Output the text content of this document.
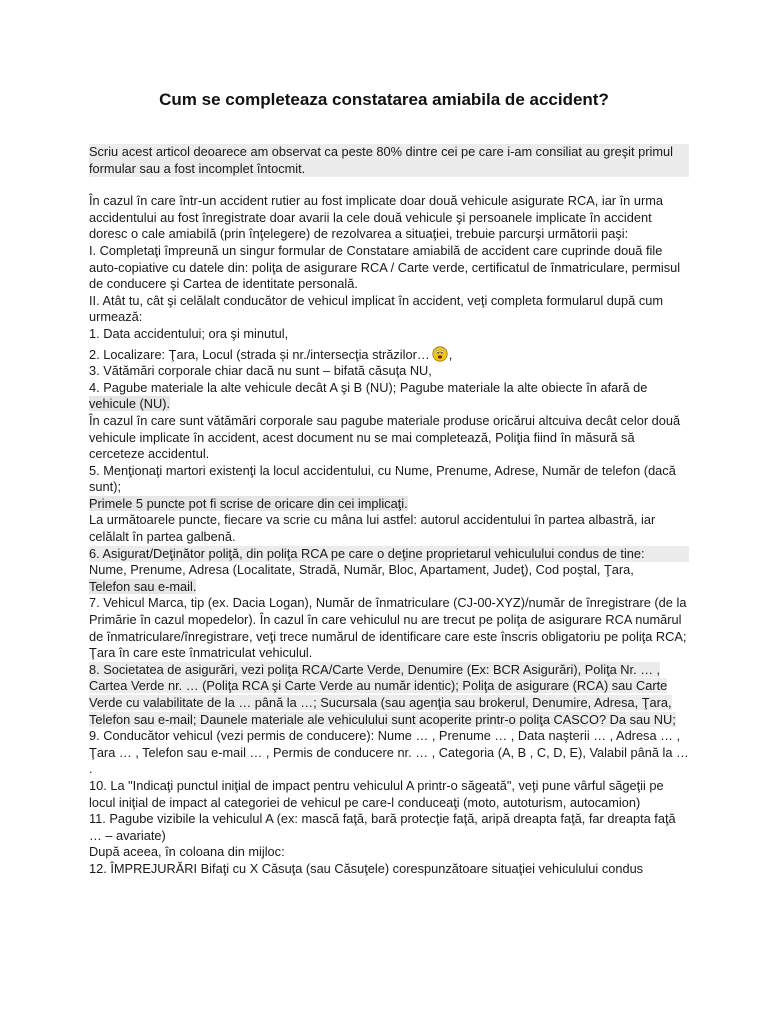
Cum se completeaza constatarea amiabila de accident?

Scriu acest articol deoarece am observat ca peste 80% dintre cei pe care i-am consiliat au greşit primul formular sau a fost incomplet întocmit.

În cazul în care într-un accident rutier au fost implicate doar două vehicule asigurate RCA, iar în urma accidentului au fost înregistrate doar avarii la cele două vehicule şi persoanele implicate în accident doresc o cale amiabilă (prin înţelegere) de rezolvarea a situaţiei, trebuie parcurşi următorii paşi:

I. Completaţi împreună un singur formular de Constatare amiabilă de accident care cuprinde două file auto-copiative cu datele din: poliţa de asigurare RCA / Carte verde, certificatul de înmatriculare, permisul de conducere şi Cartea de identitate personală.

II. Atât tu, cât şi celălalt conducător de vehicul implicat în accident, veţi completa formularul după cum urmează:

1. Data accidentului; ora şi minutul,

2. Localizare: Ţara, Locul (strada și nr./intersecţia străzilor… ,

3. Vătămări corporale chiar dacă nu sunt – bifată căsuţa NU,

4. Pagube materiale la alte vehicule decât A şi B (NU); Pagube materiale la alte obiecte în afară de
vehicule (NU).

În cazul în care sunt vătămări corporale sau pagube materiale produse oricărui altcuiva decât celor două vehicule implicate în accident, acest document nu se mai completează, Poliţia fiind în măsură să cerceteze accidentul.

5. Menţionaţi martori existenţi la locul accidentului, cu Nume, Prenume, Adrese, Număr de telefon (dacă sunt);

Primele 5 puncte pot fi scrise de oricare din cei implicaţi.

La următoarele puncte, fiecare va scrie cu mâna lui astfel: autorul accidentului în partea albastră, iar celălalt în partea galbenă.

6. Asigurat/Deţinător poliţă, din poliţa RCA pe care o deţine proprietarul vehiculului condus de tine:
Nume, Prenume, Adresa (Localitate, Stradă, Număr, Bloc, Apartament, Judeţ), Cod poştal, Ţara,
Telefon sau e-mail.

7. Vehicul Marca, tip (ex. Dacia Logan), Număr de înmatriculare (CJ-00-XYZ)/număr de înregistrare (de la Primărie în cazul mopedelor). În cazul în care vehiculul nu are trecut pe poliţa de asigurare RCA numărul de înmatriculare/înregistrare, veţi trece numărul de identificare care este înscris obligatoriu pe poliţa RCA; Ţara în care este înmatriculat vehiculul.

8. Societatea de asigurări, vezi poliţa RCA/Carte Verde, Denumire (Ex: BCR Asigurări), Poliţa Nr. … , Cartea Verde nr. … (Poliţa RCA şi Carte Verde au număr identic); Poliţa de asigurare (RCA) sau Carte Verde cu valabilitate de la … până la …; Sucursala (sau agenţia sau brokerul, Denumire, Adresa, Ţara, Telefon sau e-mail; Daunele materiale ale vehiculului sunt acoperite printr-o poliţa CASCO? Da sau NU;

9. Conducător vehicul (vezi permis de conducere): Nume … , Prenume … , Data naşterii … , Adresa … , Ţara … , Telefon sau e-mail … , Permis de conducere nr. … , Categoria (A, B , C, D, E), Valabil până la … .

10. La "Indicaţi punctul iniţial de impact pentru vehiculul A printr-o săgeată", veţi pune vârful săgeţii pe locul iniţial de impact al categoriei de vehicul pe care-l conduceaţi (moto, autoturism, autocamion)

11. Pagube vizibile la vehiculul A (ex: mască faţă, bară protecţie faţă, aripă dreapta faţă, far dreapta faţă … – avariate)

După aceea, în coloana din mijloc:

12. ÎMPREJURĂRI Bifaţi cu X Căsuţa (sau Căsuţele) corespunzătoare situaţiei vehiculului condus
